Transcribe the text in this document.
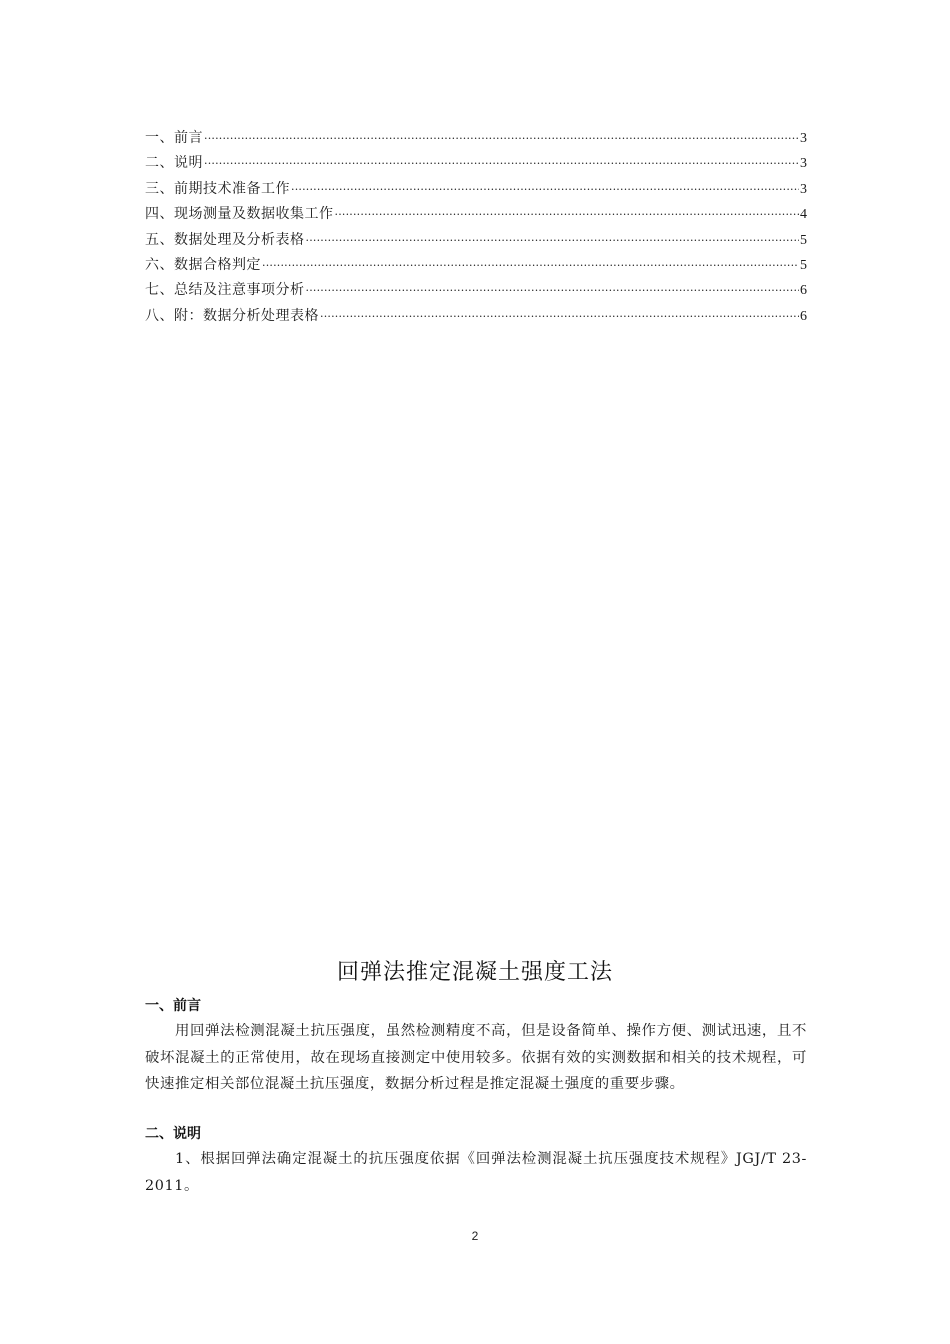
一、前言 ·····	3
二、说明 ·····	3
三、前期技术准备工作 ·····	3
四、现场测量及数据收集工作 ·····	4
五、数据处理及分析表格 ·····	5
六、数据合格判定 ·····	5
七、总结及注意事项分析 ·····	6
八、附：数据分析处理表格 ·····	6
回弹法推定混凝土强度工法
一、前言
用回弹法检测混凝土抗压强度，虽然检测精度不高，但是设备简单、操作方便、测试迅速，且不破坏混凝土的正常使用，故在现场直接测定中使用较多。依据有效的实测数据和相关的技术规程，可快速推定相关部位混凝土抗压强度，数据分析过程是推定混凝土强度的重要步骤。
二、说明
1、根据回弹法确定混凝土的抗压强度依据《回弹法检测混凝土抗压强度技术规程》JGJ/T 23-2011。
2
